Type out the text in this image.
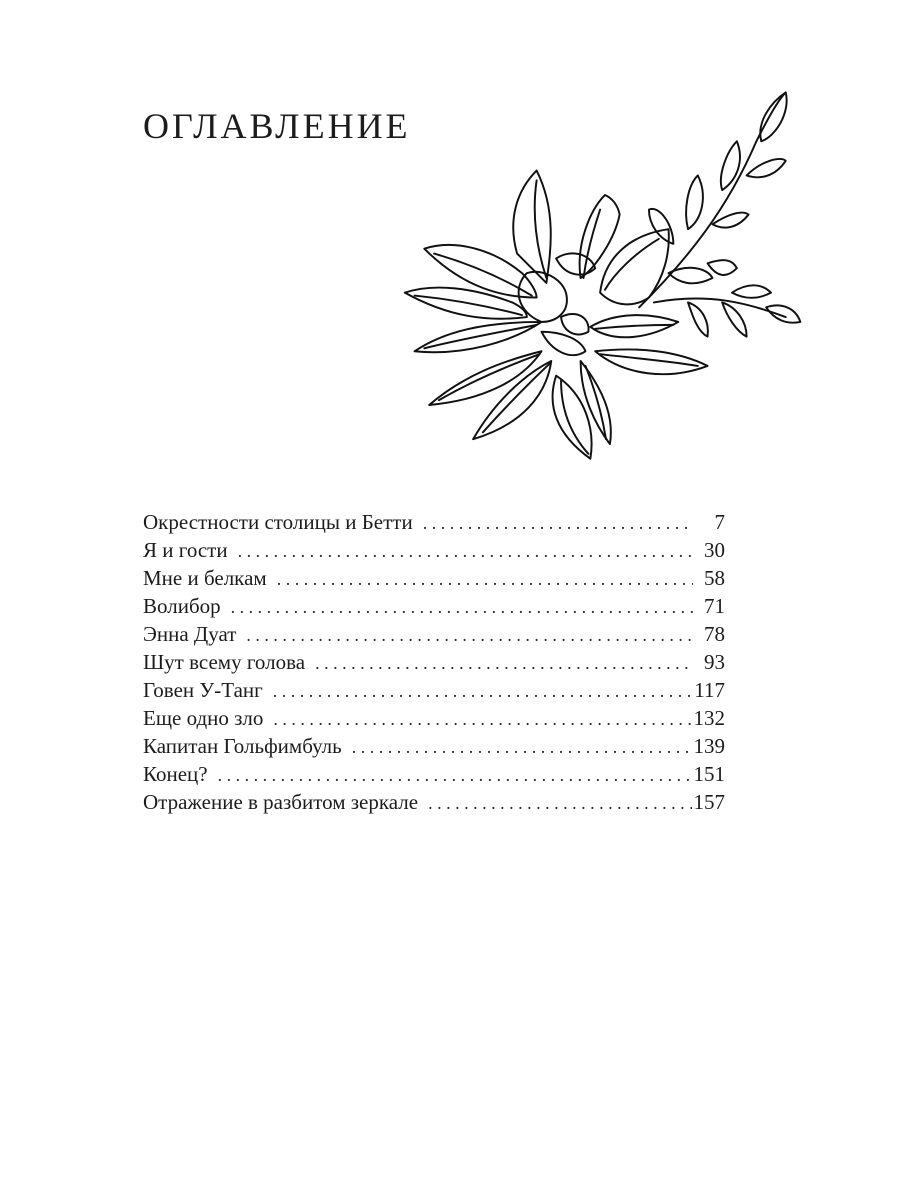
ОГЛАВЛЕНИЕ
Окрестности столицы и Бетти . . .	7
Я и гости . . .	30
Мне и белкам . . .	58
Волибор . . .	71
Энна Дуат . . .	78
Шут всему голова . . .	93
Говен У-Танг . . .	117
Еще одно зло . . .	132
Капитан Гольфимбуль . . .	139
Конец? . . .	151
Отражение в разбитом зеркале . . .	157
